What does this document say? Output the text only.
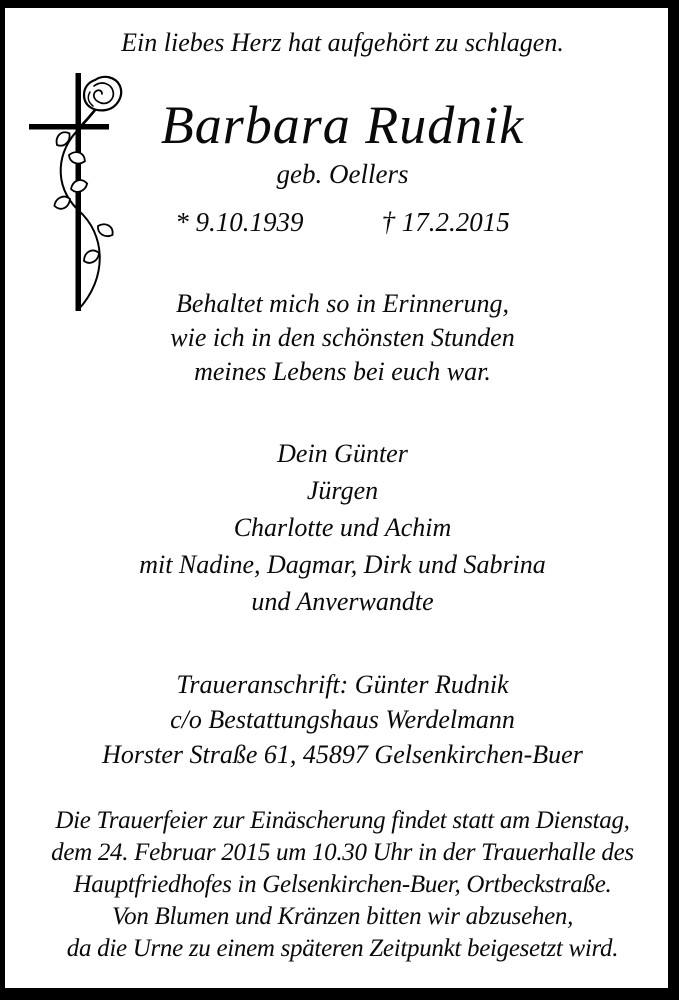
Ein liebes Herz hat aufgehört zu schlagen.
Barbara Rudnik
geb. Oellers
* 9.10.1939	† 17.2.2015
Behaltet mich so in Erinnerung,
wie ich in den schönsten Stunden
meines Lebens bei euch war.
Dein Günter
Jürgen
Charlotte und Achim
mit Nadine, Dagmar, Dirk und Sabrina
und Anverwandte
Traueranschrift: Günter Rudnik
c/o Bestattungshaus Werdelmann
Horster Straße 61, 45897 Gelsenkirchen-Buer
Die Trauerfeier zur Einäscherung findet statt am Dienstag,
dem 24. Februar 2015 um 10.30 Uhr in der Trauerhalle des
Hauptfriedhofes in Gelsenkirchen-Buer, Ortbeckstraße.
Von Blumen und Kränzen bitten wir abzusehen,
da die Urne zu einem späteren Zeitpunkt beigesetzt wird.
